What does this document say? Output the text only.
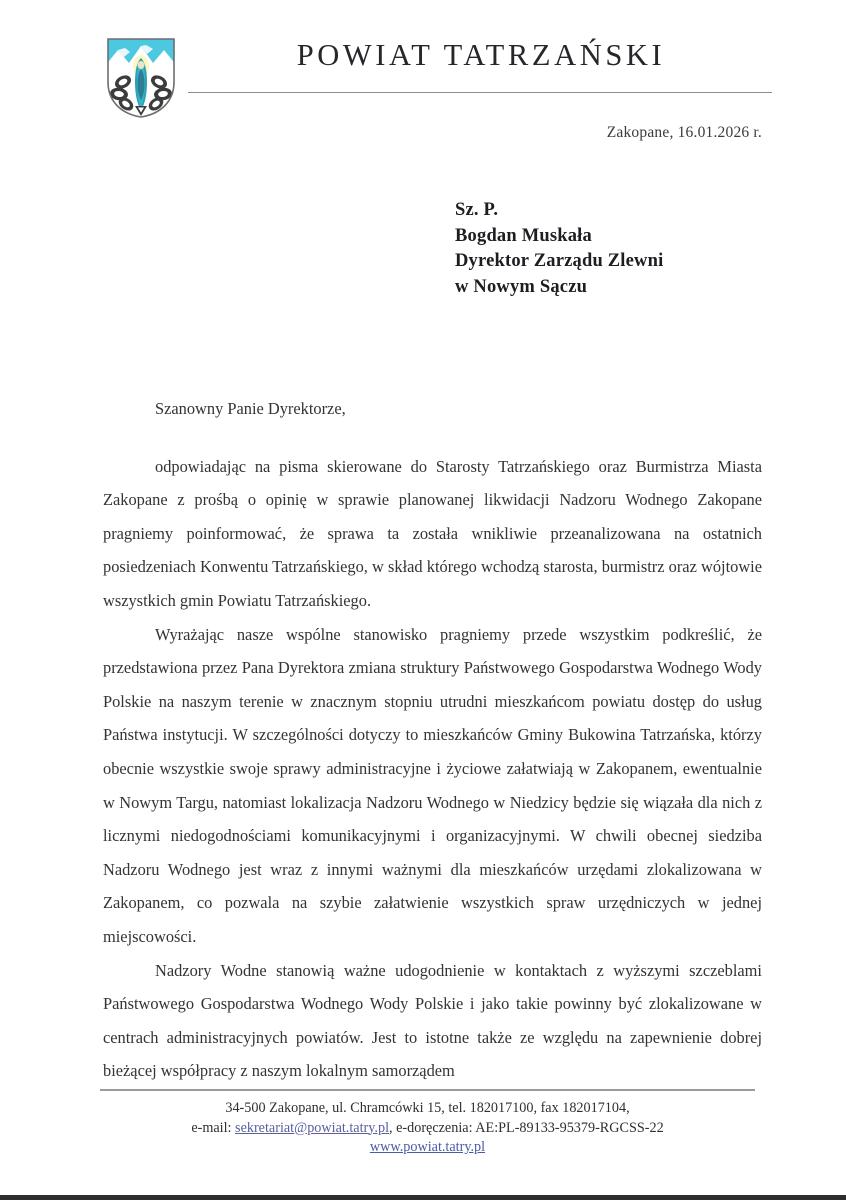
POWIAT TATRZAŃSKI
Zakopane, 16.01.2026 r.
Sz. P.
Bogdan Muskała
Dyrektor Zarządu Zlewni
w Nowym Sączu

Szanowny Panie Dyrektorze,

odpowiadając na pisma skierowane do Starosty Tatrzańskiego oraz Burmistrza Miasta Zakopane z prośbą o opinię w sprawie planowanej likwidacji Nadzoru Wodnego Zakopane pragniemy poinformować, że sprawa ta została wnikliwie przeanalizowana na ostatnich posiedzeniach Konwentu Tatrzańskiego, w skład którego wchodzą starosta, burmistrz oraz wójtowie wszystkich gmin Powiatu Tatrzańskiego.

Wyrażając nasze wspólne stanowisko pragniemy przede wszystkim podkreślić, że przedstawiona przez Pana Dyrektora zmiana struktury Państwowego Gospodarstwa Wodnego Wody Polskie na naszym terenie w znacznym stopniu utrudni mieszkańcom powiatu dostęp do usług Państwa instytucji. W szczególności dotyczy to mieszkańców Gminy Bukowina Tatrzańska, którzy obecnie wszystkie swoje sprawy administracyjne i życiowe załatwiają w Zakopanem, ewentualnie w Nowym Targu, natomiast lokalizacja Nadzoru Wodnego w Niedzicy będzie się wiązała dla nich z licznymi niedogodnościami komunikacyjnymi i organizacyjnymi. W chwili obecnej siedziba Nadzoru Wodnego jest wraz z innymi ważnymi dla mieszkańców urzędami zlokalizowana w Zakopanem, co pozwala na szybie załatwienie wszystkich spraw urzędniczych w jednej miejscowości.

Nadzory Wodne stanowią ważne udogodnienie w kontaktach z wyższymi szczeblami Państwowego Gospodarstwa Wodnego Wody Polskie i jako takie powinny być zlokalizowane w centrach administracyjnych powiatów. Jest to istotne także ze względu na zapewnienie dobrej bieżącej współpracy z naszym lokalnym samorządem

34-500 Zakopane, ul. Chramcówki 15, tel. 182017100, fax 182017104,
e-mail: sekretariat@powiat.tatry.pl, e-doręczenia: AE:PL-89133-95379-RGCSS-22
www.powiat.tatry.pl
